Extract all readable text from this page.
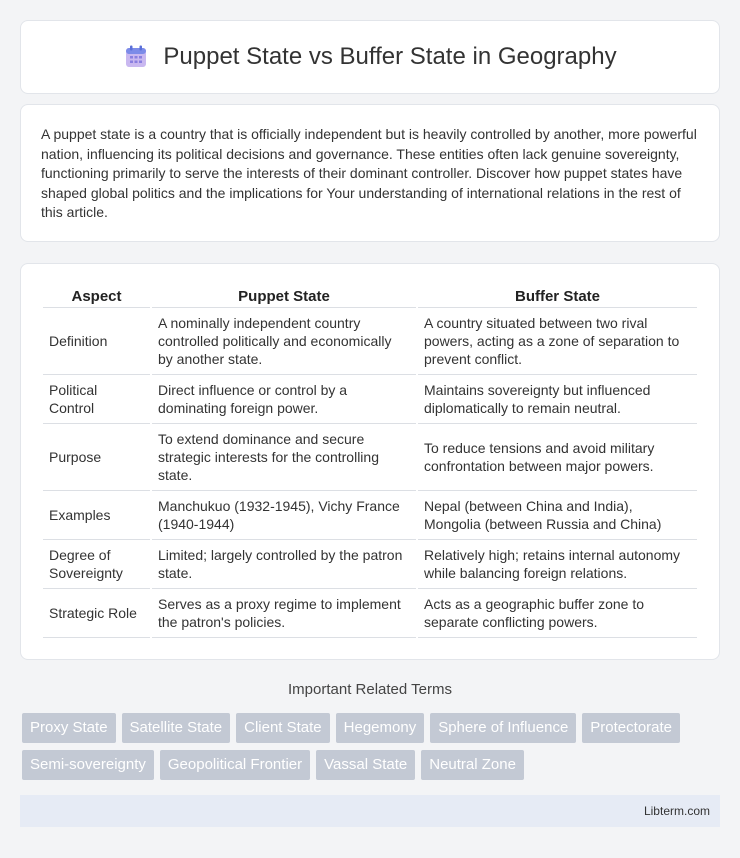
Puppet State vs Buffer State in Geography

A puppet state is a country that is officially independent but is heavily controlled by another, more powerful nation, influencing its political decisions and governance. These entities often lack genuine sovereignty, functioning primarily to serve the interests of their dominant controller. Discover how puppet states have shaped global politics and the implications for Your understanding of international relations in the rest of this article.

Aspect	Puppet State	Buffer State
Definition	A nominally independent country controlled politically and economically by another state.	A country situated between two rival powers, acting as a zone of separation to prevent conflict.
Political Control	Direct influence or control by a dominating foreign power.	Maintains sovereignty but influenced diplomatically to remain neutral.
Purpose	To extend dominance and secure strategic interests for the controlling state.	To reduce tensions and avoid military confrontation between major powers.
Examples	Manchukuo (1932-1945), Vichy France (1940-1944)	Nepal (between China and India), Mongolia (between Russia and China)
Degree of Sovereignty	Limited; largely controlled by the patron state.	Relatively high; retains internal autonomy while balancing foreign relations.
Strategic Role	Serves as a proxy regime to implement the patron's policies.	Acts as a geographic buffer zone to separate conflicting powers.
Important Related Terms
Proxy State	Satellite State	Client State	Hegemony	Sphere of Influence	Protectorate
Semi-sovereignty	Geopolitical Frontier	Vassal State	Neutral Zone
Libterm.com
